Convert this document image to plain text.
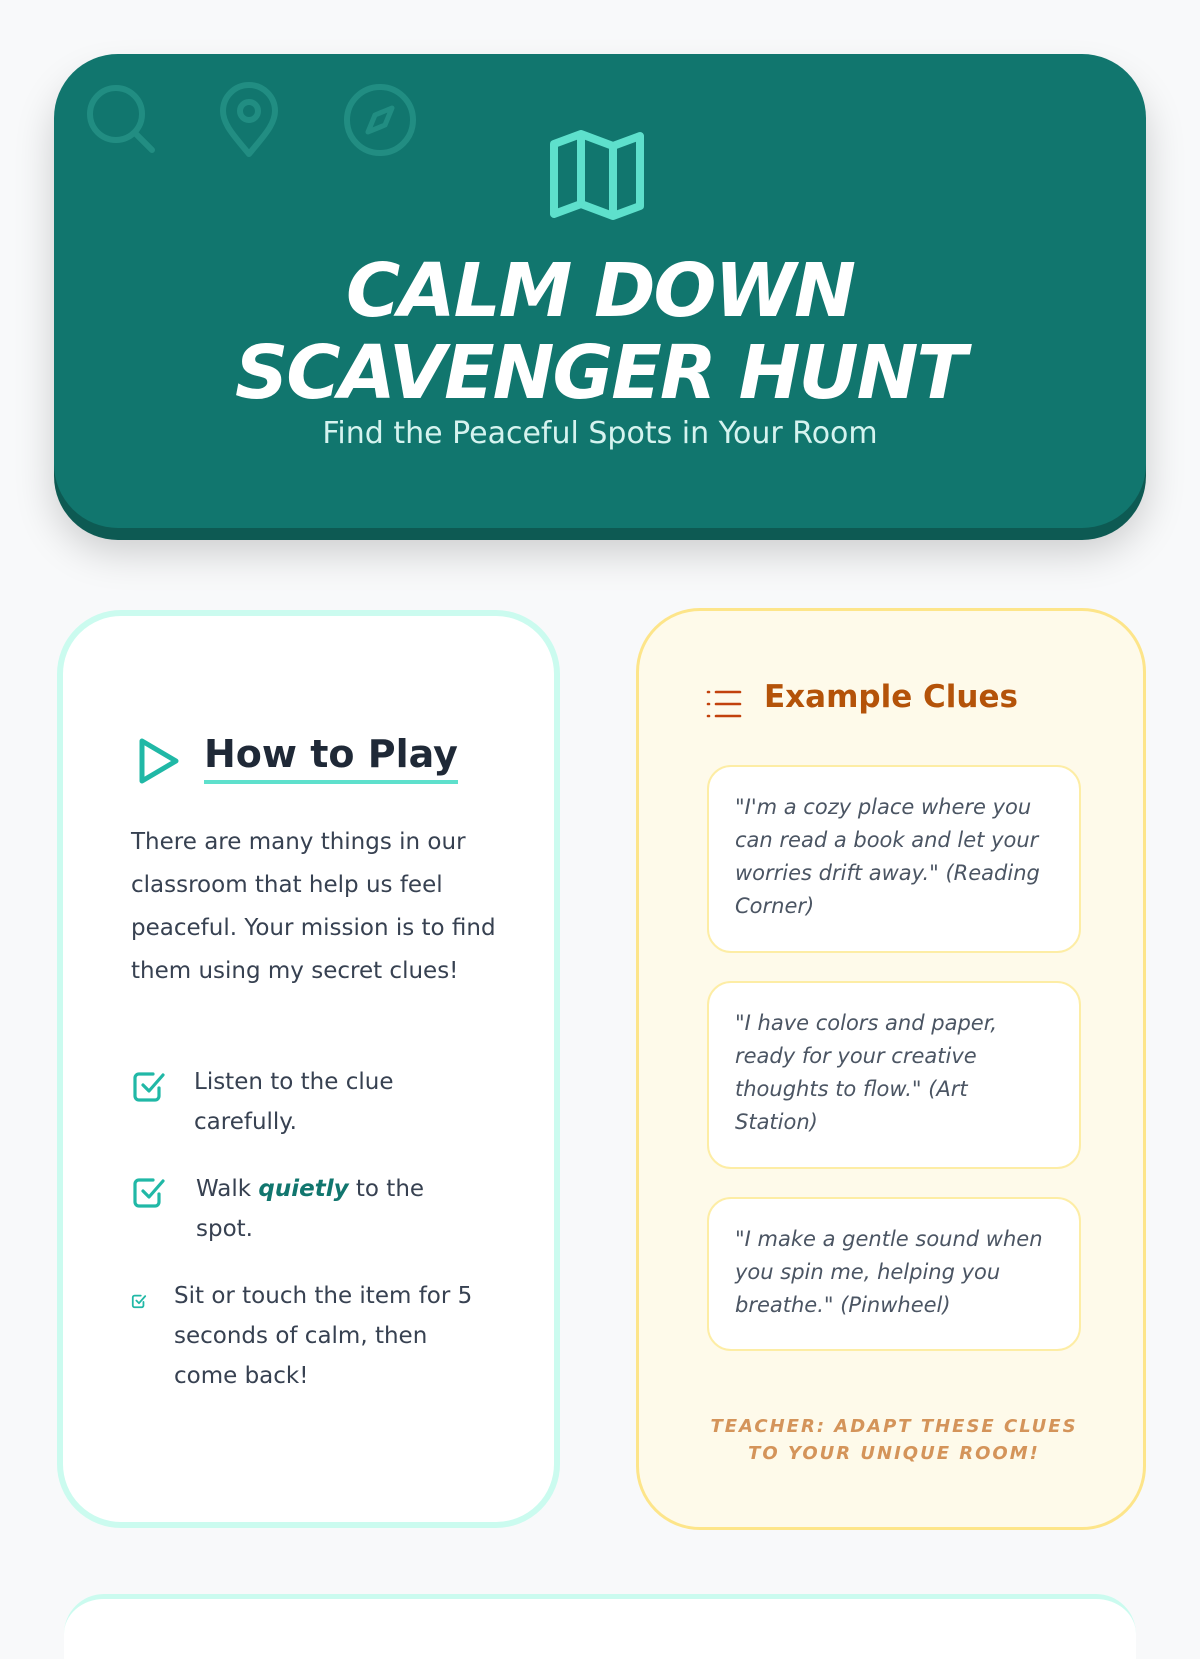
CALM DOWN
SCAVENGER HUNT
Find the Peaceful Spots in Your Room
How to Play
There are many things in our classroom that help us feel peaceful. Your mission is to find them using my secret clues!
Listen to the clue carefully.
Walk quietly to the spot.
Sit or touch the item for 5 seconds of calm, then come back!
Example Clues
"I'm a cozy place where you can read a book and let your worries drift away." (Reading Corner)
"I have colors and paper, ready for your creative thoughts to flow." (Art Station)
"I make a gentle sound when you spin me, helping you breathe." (Pinwheel)
TEACHER: ADAPT THESE CLUES TO YOUR UNIQUE ROOM!
